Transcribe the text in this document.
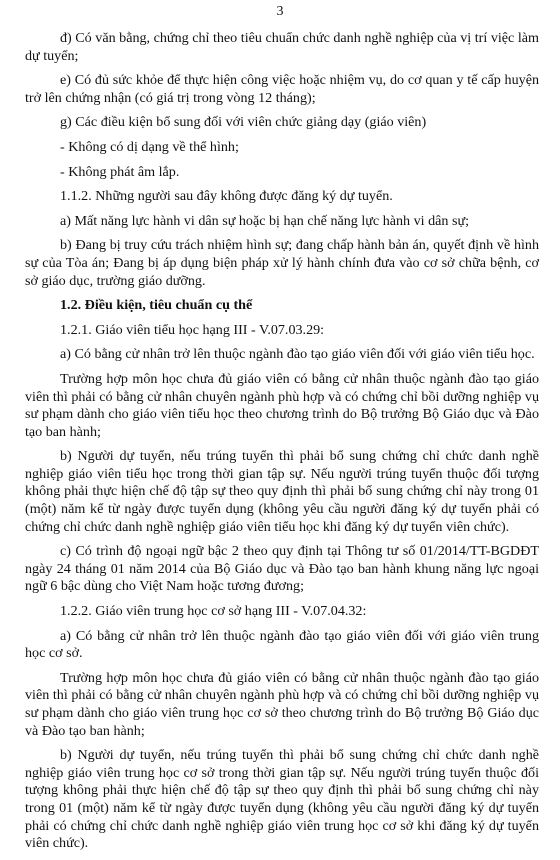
3

đ) Có văn bằng, chứng chỉ theo tiêu chuẩn chức danh nghề nghiệp của vị trí việc làm dự tuyển;

e) Có đủ sức khỏe để thực hiện công việc hoặc nhiệm vụ, do cơ quan y tế cấp huyện trở lên chứng nhận (có giá trị trong vòng 12 tháng);

g) Các điều kiện bổ sung đối với viên chức giảng dạy (giáo viên)

- Không có dị dạng về thể hình;

- Không phát âm lắp.

1.1.2. Những người sau đây không được đăng ký dự tuyển.

a) Mất năng lực hành vi dân sự hoặc bị hạn chế năng lực hành vi dân sự;

b) Đang bị truy cứu trách nhiệm hình sự; đang chấp hành bản án, quyết định về hình sự của Tòa án; Đang bị áp dụng biện pháp xử lý hành chính đưa vào cơ sở chữa bệnh, cơ sở giáo dục, trường giáo dưỡng.

1.2. Điều kiện, tiêu chuẩn cụ thể

1.2.1. Giáo viên tiểu học hạng III - V.07.03.29:

a) Có bằng cử nhân trở lên thuộc ngành đào tạo giáo viên đối với giáo viên tiểu học.

Trường hợp môn học chưa đủ giáo viên có bằng cử nhân thuộc ngành đào tạo giáo viên thì phải có bằng cử nhân chuyên ngành phù hợp và có chứng chỉ bồi dưỡng nghiệp vụ sư phạm dành cho giáo viên tiểu học theo chương trình do Bộ trưởng Bộ Giáo dục và Đào tạo ban hành;

b) Người dự tuyển, nếu trúng tuyển thì phải bổ sung chứng chỉ chức danh nghề nghiệp giáo viên tiểu học trong thời gian tập sự. Nếu người trúng tuyển thuộc đối tượng không phải thực hiện chế độ tập sự theo quy định thì phải bổ sung chứng chỉ này trong 01 (một) năm kể từ ngày được tuyển dụng (không yêu cầu người đăng ký dự tuyển phải có chứng chỉ chức danh nghề nghiệp giáo viên tiểu học khi đăng ký dự tuyển viên chức).

c) Có trình độ ngoại ngữ bậc 2 theo quy định tại Thông tư số 01/2014/TT-BGDĐT ngày 24 tháng 01 năm 2014 của Bộ Giáo dục và Đào tạo ban hành khung năng lực ngoại ngữ 6 bậc dùng cho Việt Nam hoặc tương đương;

1.2.2. Giáo viên trung học cơ sở hạng III - V.07.04.32:

a) Có bằng cử nhân trở lên thuộc ngành đào tạo giáo viên đối với giáo viên trung học cơ sở.

Trường hợp môn học chưa đủ giáo viên có bằng cử nhân thuộc ngành đào tạo giáo viên thì phải có bằng cử nhân chuyên ngành phù hợp và có chứng chỉ bồi dưỡng nghiệp vụ sư phạm dành cho giáo viên trung học cơ sở theo chương trình do Bộ trưởng Bộ Giáo dục và Đào tạo ban hành;

b) Người dự tuyển, nếu trúng tuyển thì phải bổ sung chứng chỉ chức danh nghề nghiệp giáo viên trung học cơ sở trong thời gian tập sự. Nếu người trúng tuyển thuộc đối tượng không phải thực hiện chế độ tập sự theo quy định thì phải bổ sung chứng chỉ này trong 01 (một) năm kể từ ngày được tuyển dụng (không yêu cầu người đăng ký dự tuyển phải có chứng chỉ chức danh nghề nghiệp giáo viên trung học cơ sở khi đăng ký dự tuyển viên chức).
